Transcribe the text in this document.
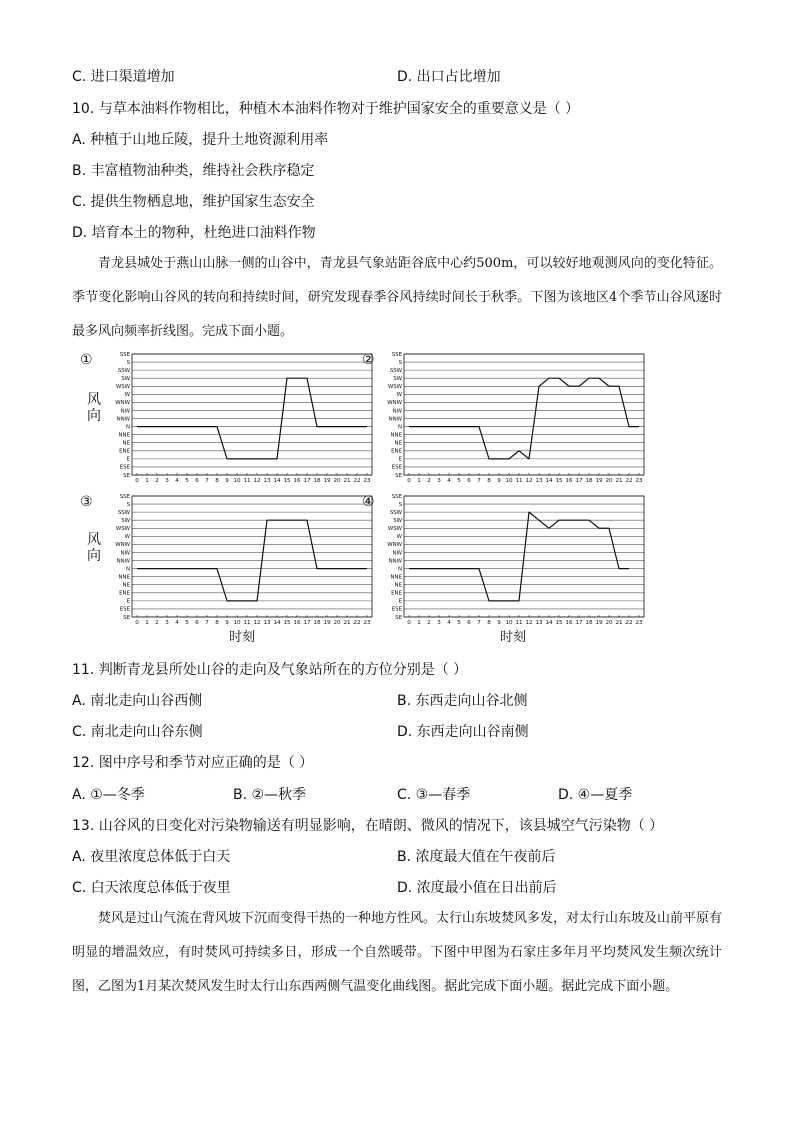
C. 进口渠道增加	D. 出口占比增加
10. 与草本油料作物相比，种植木本油料作物对于维护国家安全的重要意义是（ ）
A. 种植于山地丘陵，提升土地资源利用率
B. 丰富植物油种类，维持社会秩序稳定
C. 提供生物栖息地，维护国家生态安全
D. 培育本土的物种，杜绝进口油料作物

青龙县城处于燕山山脉一侧的山谷中，青龙县气象站距谷底中心约500m，可以较好地观测风向的变化特征。季节变化影响山谷风的转向和持续时间，研究发现春季谷风持续时间长于秋季。下图为该地区4个季节山谷风逐时最多风向频率折线图。完成下面小题。

①	②
③	④
风向
风向
SSE
S
SSW
SW
WSW
W
WNW
NW
NNW
N
NNE
NE
ENE
E
ESE
SE
0 1 2 3 4 5 6 7 8 9 10 11 12 13 14 15 16 17 18 19 20 21 22 23
SSE
S
SSW
SW
WSW
W
WNW
NW
NNW
N
NNE
NE
ENE
E
ESE
SE
0 1 2 3 4 5 6 7 8 9 10 11 12 13 14 15 16 17 18 19 20 21 22 23
SSE
S
SSW
SW
WSW
W
WNW
NW
NNW
N
NNE
NE
ENE
E
ESE
SE
0 1 2 3 4 5 6 7 8 9 10 11 12 13 14 15 16 17 18 19 20 21 22 23
SSE
S
SSW
SW
WSW
W
WNW
NW
NNW
N
NNE
NE
ENE
E
ESE
SE
0 1 2 3 4 5 6 7 8 9 10 11 12 13 14 15 16 17 18 19 20 21 22 23
时刻	时刻
11. 判断青龙县所处山谷的走向及气象站所在的方位分别是（ ）
A. 南北走向山谷西侧	B. 东西走向山谷北侧
C. 南北走向山谷东侧	D. 东西走向山谷南侧
12. 图中序号和季节对应正确的是（ ）
A. ①—冬季	B. ②—秋季	C. ③—春季	D. ④—夏季
13. 山谷风的日变化对污染物输送有明显影响，在晴朗、微风的情况下，该县城空气污染物（ ）
A. 夜里浓度总体低于白天	B. 浓度最大值在午夜前后
C. 白天浓度总体低于夜里	D. 浓度最小值在日出前后

焚风是过山气流在背风坡下沉而变得干热的一种地方性风。太行山东坡焚风多发，对太行山东坡及山前平原有明显的增温效应，有时焚风可持续多日，形成一个自然暖带。下图中甲图为石家庄多年月平均焚风发生频次统计图，乙图为1月某次焚风发生时太行山东西两侧气温变化曲线图。据此完成下面小题。据此完成下面小题。
